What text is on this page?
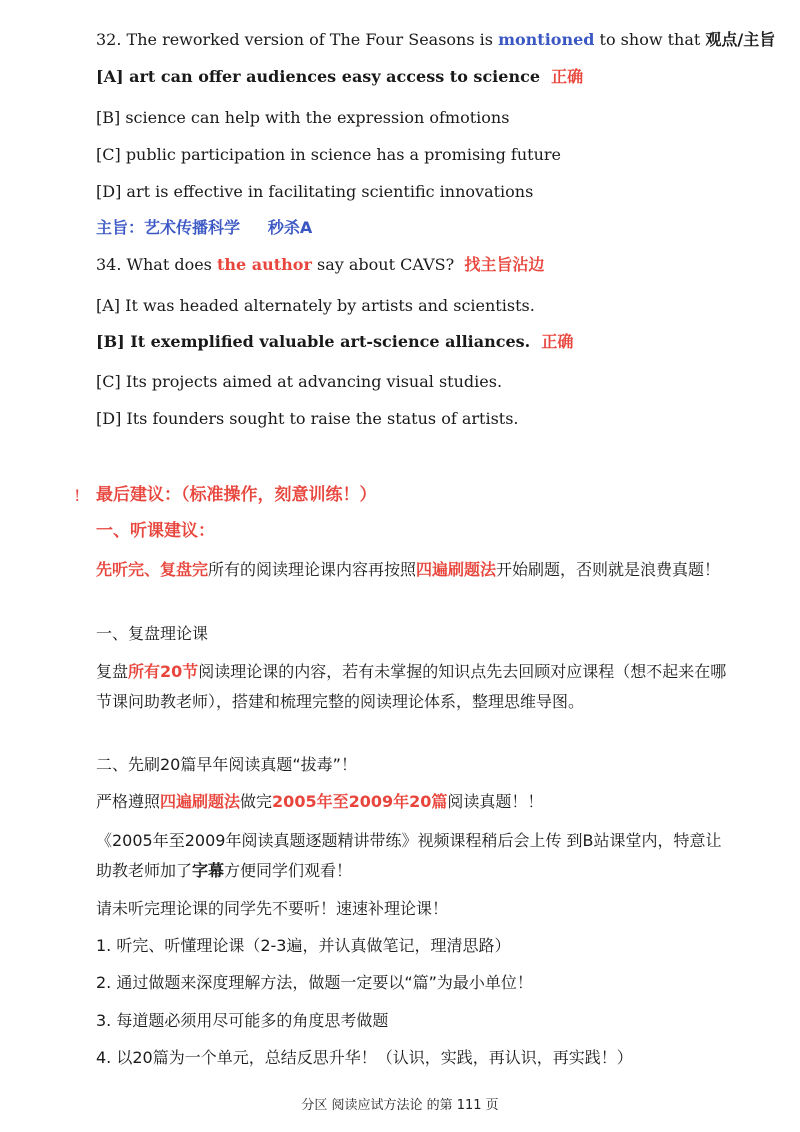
32. The reworked version of The Four Seasons is montioned to show that 观点/主旨
[A] art can offer audiences easy access to science 正确
[B] science can help with the expression ofmotions
[C] public participation in science has a promising future
[D] art is effective in facilitating scientific innovations
主旨：艺术传播科学     秒杀A
34. What does the author say about CAVS? 找主旨沾边
[A] It was headed alternately by artists and scientists.
[B] It exemplified valuable art-science alliances. 正确
[C] Its projects aimed at advancing visual studies.
[D] Its founders sought to raise the status of artists.
! 最后建议：（标准操作，刻意训练！）
一、听课建议：
先听完、复盘完所有的阅读理论课内容再按照四遍刷题法开始刷题，否则就是浪费真题！
一、复盘理论课
复盘所有20节阅读理论课的内容，若有未掌握的知识点先去回顾对应课程（想不起来在哪节课问助教老师），搭建和梳理完整的阅读理论体系，整理思维导图。
二、先刷20篇早年阅读真题“拔毒”！
严格遵照四遍刷题法做完2005年至2009年20篇阅读真题！！
《2005年至2009年阅读真题逐题精讲带练》视频课程稍后会上传 到B站课堂内，特意让助教老师加了字幕方便同学们观看！
请未听完理论课的同学先不要听！速速补理论课！
1. 听完、听懂理论课（2-3遍，并认真做笔记，理清思路）
2. 通过做题来深度理解方法，做题一定要以“篇”为最小单位！
3. 每道题必须用尽可能多的角度思考做题
4. 以20篇为一个单元，总结反思升华！（认识，实践，再认识，再实践！）
分区 阅读应试方法论 的第 111 页
